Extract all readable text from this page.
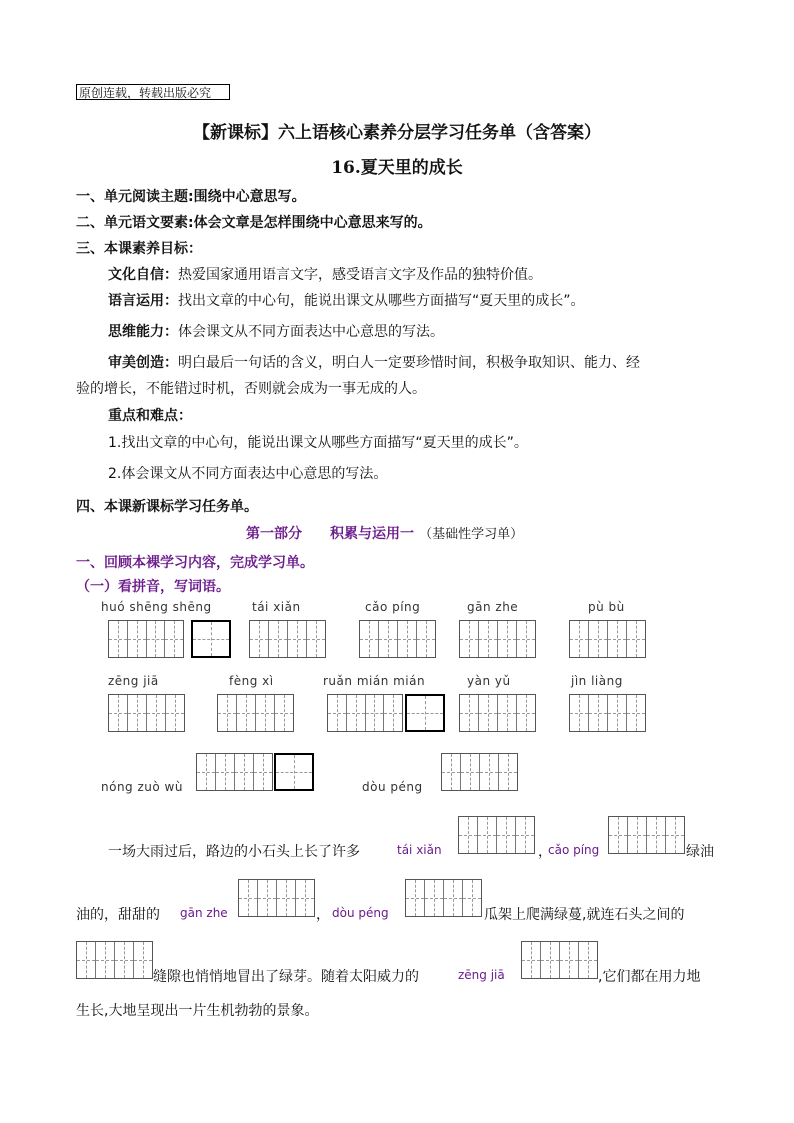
原创连载，转载出版必究
【新课标】六上语核心素养分层学习任务单（含答案）
16.夏天里的成长
一、单元阅读主题:围绕中心意思写。
二、单元语文要素:体会文章是怎样围绕中心意思来写的。
三、本课素养目标：
文化自信：热爱国家通用语言文字，感受语言文字及作品的独特价值。
语言运用：找出文章的中心句，能说出课文从哪些方面描写“夏天里的成长”。
思维能力：体会课文从不同方面表达中心意思的写法。
审美创造：明白最后一句话的含义，明白人一定要珍惜时间，积极争取知识、能力、经
验的增长，不能错过时机，否则就会成为一事无成的人。
重点和难点：
1.找出文章的中心句，能说出课文从哪些方面描写“夏天里的成长”。
2.体会课文从不同方面表达中心意思的写法。
四、本课新课标学习任务单。
第一部分　　积累与运用一 （基础性学习单）
一、回顾本裸学习内容，完成学习单。
（一）看拼音，写词语。
huó shēng shēng	tái xiǎn	cǎo píng	gān zhe	pù bù
zēng jiā	fèng xì	ruǎn mián mián	yàn yǔ	jìn liàng
nóng zuò wù	dòu péng
一场大雨过后，路边的小石头上长了许多	tái xiǎn	，
cǎo píng	绿油
油的，甜甜的 gān zhe	， dòu péng	瓜架上爬满绿蔓,就连石头之间的
缝隙也悄悄地冒出了绿芽。随着太阳威力的	zēng jiā	,它们都在用力地
生长,大地呈现出一片生机勃勃的景象。
